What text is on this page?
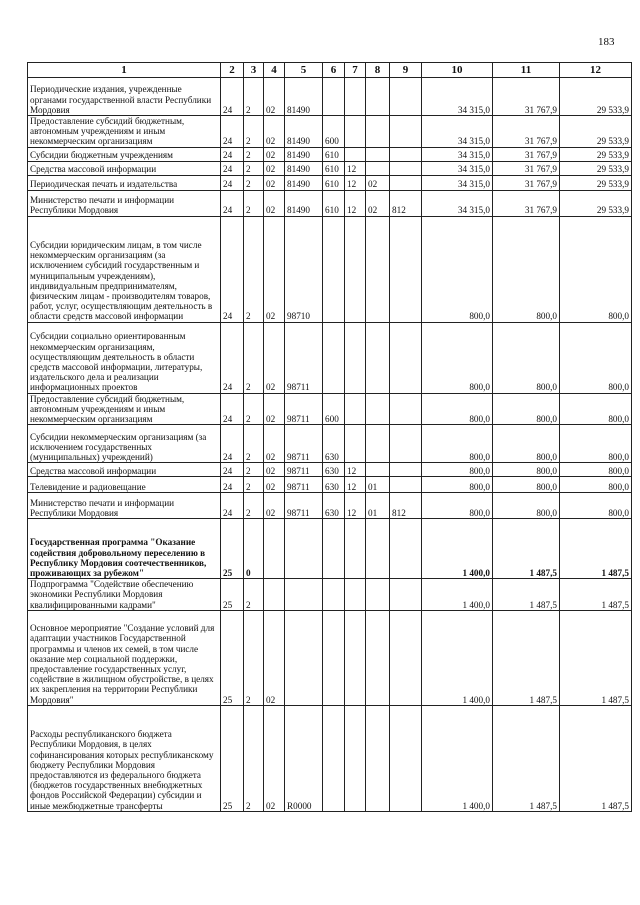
183
1	2	3	4	5	6	7	8	9	10	11	12
Периодические издания, учрежденные органами государственной власти Республики Мордовия	24	2	02	81490					34 315,0	31 767,9	29 533,9
Предоставление субсидий бюджетным, автономным учреждениям и иным некоммерческим организациям	24	2	02	81490	600				34 315,0	31 767,9	29 533,9
Субсидии бюджетным учреждениям	24	2	02	81490	610				34 315,0	31 767,9	29 533,9
Средства массовой информации	24	2	02	81490	610	12			34 315,0	31 767,9	29 533,9
Периодическая печать и издательства	24	2	02	81490	610	12	02		34 315,0	31 767,9	29 533,9
Министерство печати и информации Республики Мордовия	24	2	02	81490	610	12	02	812	34 315,0	31 767,9	29 533,9
Субсидии юридическим лицам, в том числе некоммерческим организациям (за исключением субсидий государственным и муниципальным учреждениям), индивидуальным предпринимателям, физическим лицам - производителям товаров, работ, услуг, осуществляющим деятельность в области средств массовой информации	24	2	02	98710					800,0	800,0	800,0
Субсидии социально ориентированным некоммерческим организациям, осуществляющим деятельность в области средств массовой информации, литературы, издательского дела и реализации информационных проектов	24	2	02	98711					800,0	800,0	800,0
Предоставление субсидий бюджетным, автономным учреждениям и иным некоммерческим организациям	24	2	02	98711	600				800,0	800,0	800,0
Субсидии некоммерческим организациям (за исключением государственных (муниципальных) учреждений)	24	2	02	98711	630				800,0	800,0	800,0
Средства массовой информации	24	2	02	98711	630	12			800,0	800,0	800,0
Телевидение и радиовещание	24	2	02	98711	630	12	01		800,0	800,0	800,0
Министерство печати и информации Республики Мордовия	24	2	02	98711	630	12	01	812	800,0	800,0	800,0
Государственная программа "Оказание содействия добровольному переселению в Республику Мордовия соотечественников, проживающих за рубежом"	25	0							1 400,0	1 487,5	1 487,5
Подпрограмма "Содействие обеспечению экономики Республики Мордовия квалифицированными кадрами"	25	2							1 400,0	1 487,5	1 487,5
Основное мероприятие "Создание условий для адаптации участников Государственной программы и членов их семей, в том числе оказание мер социальной поддержки, предоставление государственных услуг, содействие в жилищном обустройстве, в целях их закрепления на территории Республики Мордовия"	25	2	02						1 400,0	1 487,5	1 487,5
Расходы республиканского бюджета Республики Мордовия, в целях софинансирования которых республиканскому бюджету Республики Мордовия предоставляются из федерального бюджета (бюджетов государственных внебюджетных фондов Российской Федерации) субсидии и иные межбюджетные трансферты	25	2	02	R0000					1 400,0	1 487,5	1 487,5
